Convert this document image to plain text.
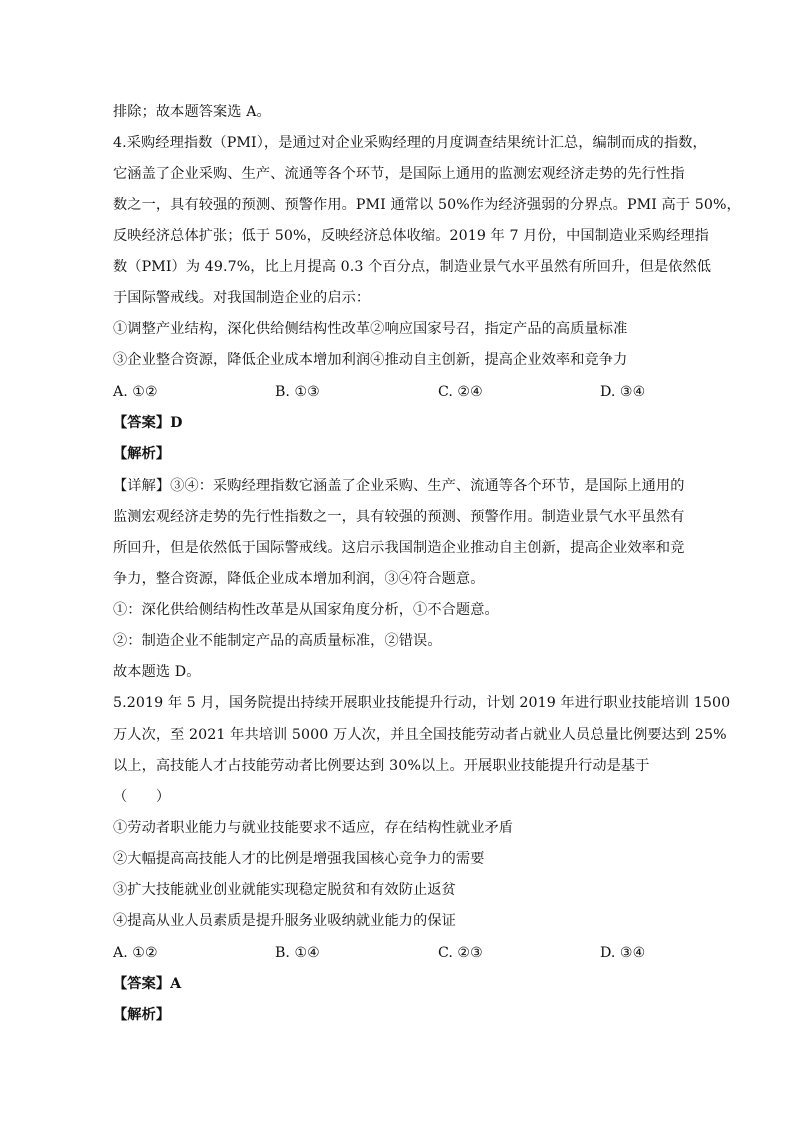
排除；故本题答案选 A。
4.采购经理指数（PMI），是通过对企业采购经理的月度调查结果统计汇总，编制而成的指数，
它涵盖了企业采购、生产、流通等各个环节，是国际上通用的监测宏观经济走势的先行性指
数之一，具有较强的预测、预警作用。PMI 通常以 50%作为经济强弱的分界点。PMI 高于 50%，
反映经济总体扩张；低于 50%，反映经济总体收缩。2019 年 7 月份，中国制造业采购经理指
数（PMI）为 49.7%，比上月提高 0.3 个百分点，制造业景气水平虽然有所回升，但是依然低
于国际警戒线。对我国制造企业的启示：
①调整产业结构，深化供给侧结构性改革②响应国家号召，指定产品的高质量标准
③企业整合资源，降低企业成本增加利润④推动自主创新，提高企业效率和竞争力
A. ①②	B. ①③	C. ②④	D. ③④
【答案】D
【解析】
【详解】③④：采购经理指数它涵盖了企业采购、生产、流通等各个环节，是国际上通用的
监测宏观经济走势的先行性指数之一，具有较强的预测、预警作用。制造业景气水平虽然有
所回升，但是依然低于国际警戒线。这启示我国制造企业推动自主创新，提高企业效率和竞
争力，整合资源，降低企业成本增加利润，③④符合题意。
①：深化供给侧结构性改革是从国家角度分析，①不合题意。
②：制造企业不能制定产品的高质量标准，②错误。
故本题选 D。
5.2019 年 5 月，国务院提出持续开展职业技能提升行动，计划 2019 年进行职业技能培训 1500
万人次，至 2021 年共培训 5000 万人次，并且全国技能劳动者占就业人员总量比例要达到 25%
以上，高技能人才占技能劳动者比例要达到 30%以上。开展职业技能提升行动是基于
（　　）
①劳动者职业能力与就业技能要求不适应，存在结构性就业矛盾
②大幅提高高技能人才的比例是增强我国核心竞争力的需要
③扩大技能就业创业就能实现稳定脱贫和有效防止返贫
④提高从业人员素质是提升服务业吸纳就业能力的保证
A. ①②	B. ①④	C. ②③	D. ③④
【答案】A
【解析】
